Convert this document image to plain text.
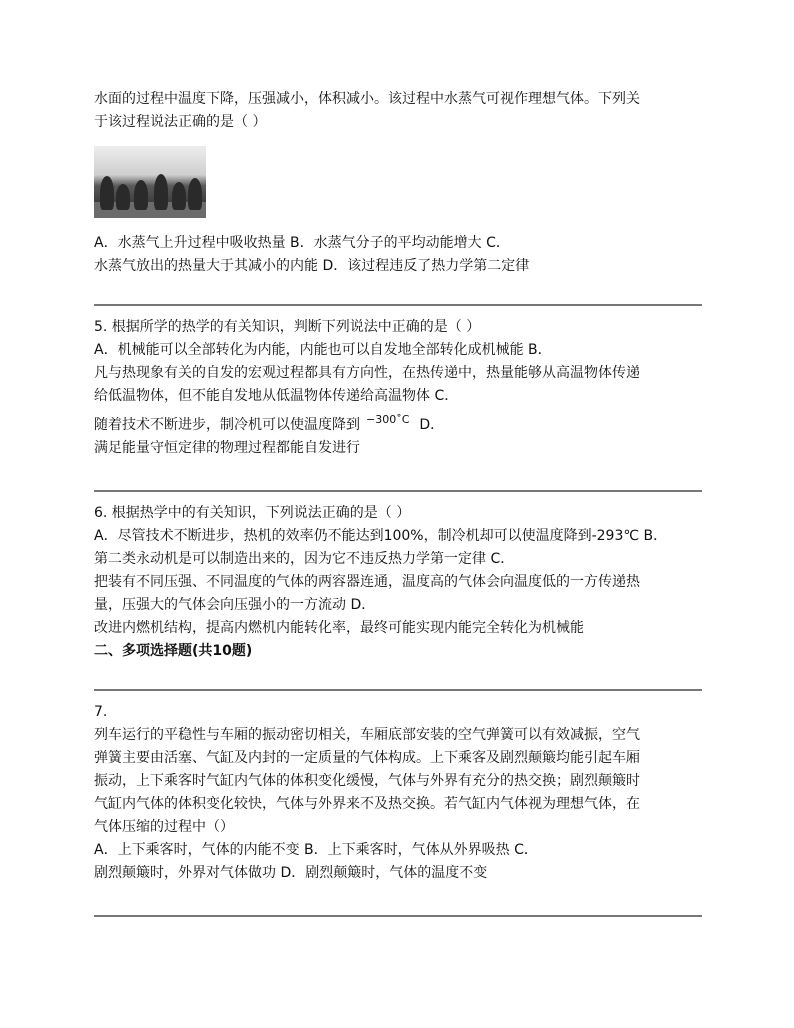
水面的过程中温度下降，压强减小，体积减小。该过程中水蒸气可视作理想气体。下列关

于该过程说法正确的是（ ）

A．水蒸气上升过程中吸收热量 B．水蒸气分子的平均动能增大 C．

水蒸气放出的热量大于其减小的内能 D．该过程违反了热力学第二定律

5. 根据所学的热学的有关知识，判断下列说法中正确的是（ ）

A．机械能可以全部转化为内能，内能也可以自发地全部转化成机械能 B．

凡与热现象有关的自发的宏观过程都具有方向性，在热传递中，热量能够从高温物体传递

给低温物体，但不能自发地从低温物体传递给高温物体 C．

随着技术不断进步，制冷机可以使温度降到 $^{-300˚C}$ D．

满足能量守恒定律的物理过程都能自发进行

6. 根据热学中的有关知识，下列说法正确的是（ ）

A．尽管技术不断进步，热机的效率仍不能达到100%，制冷机却可以使温度降到-293℃ B．

第二类永动机是可以制造出来的，因为它不违反热力学第一定律 C．

把装有不同压强、不同温度的气体的两容器连通，温度高的气体会向温度低的一方传递热

量，压强大的气体会向压强小的一方流动 D．

改进内燃机结构，提高内燃机内能转化率，最终可能实现内能完全转化为机械能

二、多项选择题(共10题)

7.

列车运行的平稳性与车厢的振动密切相关，车厢底部安装的空气弹簧可以有效减振，空气

弹簧主要由活塞、气缸及内封的一定质量的气体构成。上下乘客及剧烈颠簸均能引起车厢

振动，上下乘客时气缸内气体的体积变化缓慢，气体与外界有充分的热交换；剧烈颠簸时

气缸内气体的体积变化较快，气体与外界来不及热交换。若气缸内气体视为理想气体，在

气体压缩的过程中（）

A．上下乘客时，气体的内能不变 B．上下乘客时，气体从外界吸热 C．

剧烈颠簸时，外界对气体做功 D．剧烈颠簸时，气体的温度不变
